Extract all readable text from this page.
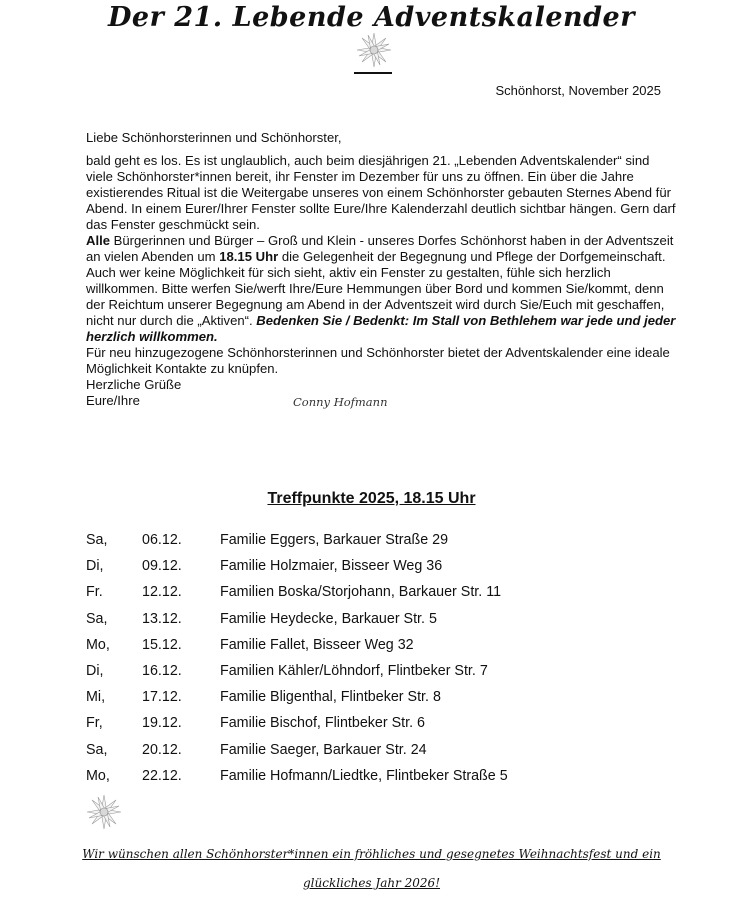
Der 21. Lebende Adventskalender
Schönhorst, November 2025

Liebe Schönhorsterinnen und Schönhorster,

bald geht es los. Es ist unglaublich, auch beim diesjährigen 21. „Lebenden Adventskalender“ sind viele Schönhorster*innen bereit, ihr Fenster im Dezember für uns zu öffnen. Ein über die Jahre existierendes Ritual ist die Weitergabe unseres von einem Schönhorster gebauten Sternes Abend für Abend. In einem Eurer/Ihrer Fenster sollte Eure/Ihre Kalenderzahl deutlich sichtbar hängen. Gern darf das Fenster geschmückt sein.

Alle Bürgerinnen und Bürger – Groß und Klein - unseres Dorfes Schönhorst haben in der Adventszeit an vielen Abenden um 18.15 Uhr die Gelegenheit der Begegnung und Pflege der Dorfgemeinschaft.

Auch wer keine Möglichkeit für sich sieht, aktiv ein Fenster zu gestalten, fühle sich herzlich willkommen. Bitte werfen Sie/werft Ihre/Eure Hemmungen über Bord und kommen Sie/kommt, denn der Reichtum unserer Begegnung am Abend in der Adventszeit wird durch Sie/Euch mit geschaffen, nicht nur durch die „Aktiven“. Bedenken Sie / Bedenkt: Im Stall von Bethlehem war jede und jeder herzlich willkommen.

Für neu hinzugezogene Schönhorsterinnen und Schönhorster bietet der Adventskalender eine ideale Möglichkeit Kontakte zu knüpfen.

Herzliche Grüße

Eure/Ihre	Conny Hofmann
Treffpunkte 2025, 18.15 Uhr
Sa, 06.12.	Familie Eggers, Barkauer Straße 29
Di,	09.12.	Familie Holzmaier, Bisseer Weg 36
Fr.	12.12.	Familien Boska/Storjohann, Barkauer Str. 11
Sa, 13.12.	Familie Heydecke, Barkauer Str. 5
Mo, 15.12.	Familie Fallet, Bisseer Weg 32
Di,	16.12.	Familien Kähler/Löhndorf, Flintbeker Str. 7
Mi,	17.12.	Familie Bligenthal, Flintbeker Str. 8
Fr,	19.12.	Familie Bischof, Flintbeker Str. 6
Sa, 20.12.	Familie Saeger, Barkauer Str. 24
Mo, 22.12.	Familie Hofmann/Liedtke, Flintbeker Straße 5
Wir wünschen allen Schönhorster*innen ein fröhliches und gesegnetes Weihnachtsfest und ein
glückliches Jahr 2026!
